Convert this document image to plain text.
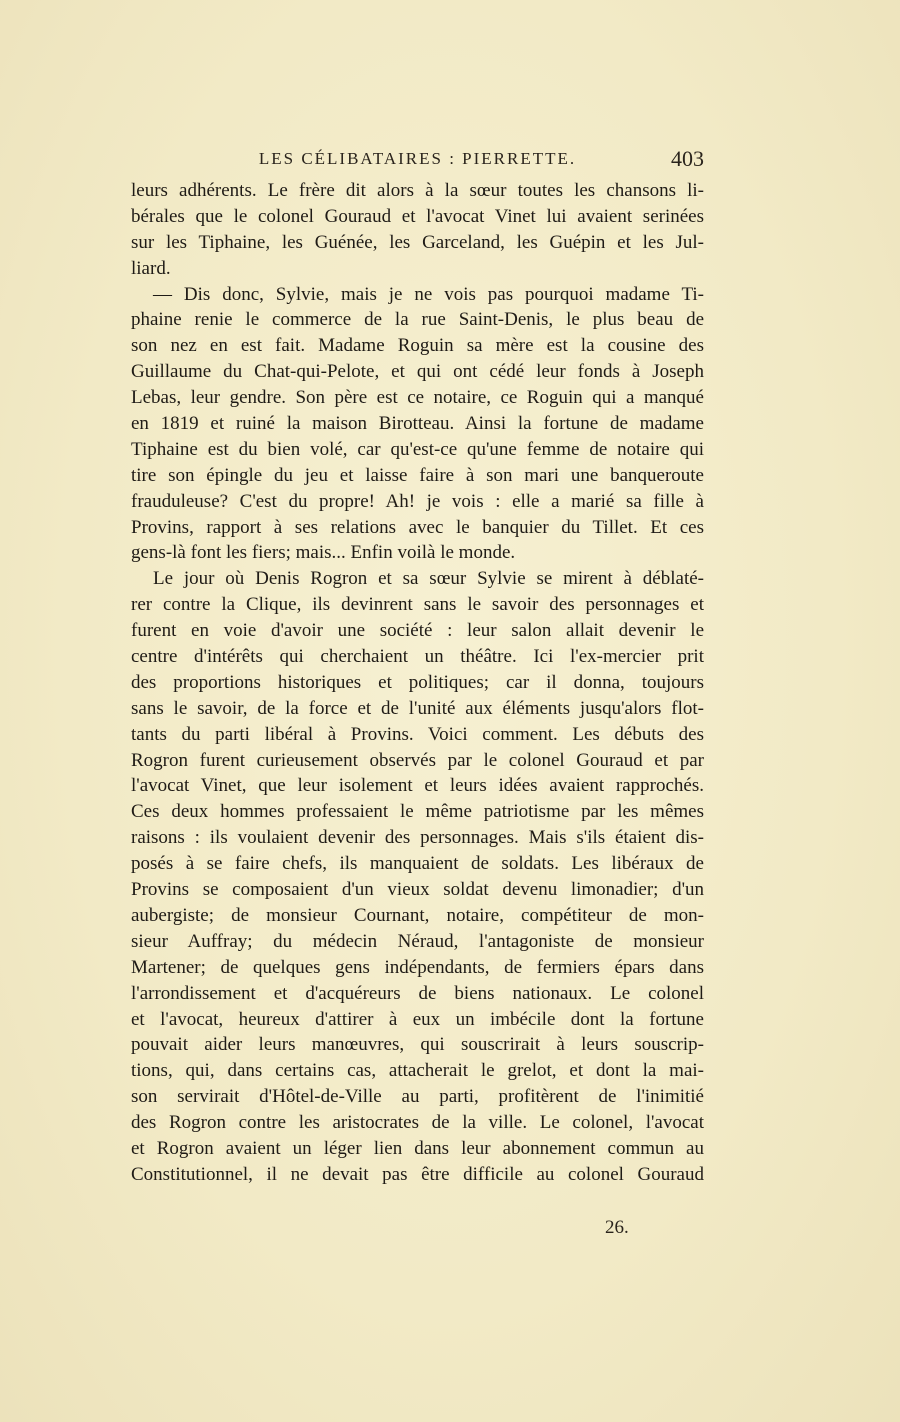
LES CÉLIBATAIRES : PIERRETTE.	403
leurs adhérents. Le frère dit alors à la sœur toutes les chansons li-
bérales que le colonel Gouraud et l'avocat Vinet lui avaient serinées
sur les Tiphaine, les Guénée, les Garceland, les Guépin et les Jul-
liard.
— Dis donc, Sylvie, mais je ne vois pas pourquoi madame Ti-
phaine renie le commerce de la rue Saint-Denis, le plus beau de
son nez en est fait. Madame Roguin sa mère est la cousine des
Guillaume du Chat-qui-Pelote, et qui ont cédé leur fonds à Joseph
Lebas, leur gendre. Son père est ce notaire, ce Roguin qui a manqué
en 1819 et ruiné la maison Birotteau. Ainsi la fortune de madame
Tiphaine est du bien volé, car qu'est-ce qu'une femme de notaire qui
tire son épingle du jeu et laisse faire à son mari une banqueroute
frauduleuse? C'est du propre! Ah! je vois : elle a marié sa fille à
Provins, rapport à ses relations avec le banquier du Tillet. Et ces
gens-là font les fiers; mais... Enfin voilà le monde.
Le jour où Denis Rogron et sa sœur Sylvie se mirent à déblaté-
rer contre la Clique, ils devinrent sans le savoir des personnages et
furent en voie d'avoir une société : leur salon allait devenir le
centre d'intérêts qui cherchaient un théâtre. Ici l'ex-mercier prit
des proportions historiques et politiques; car il donna, toujours
sans le savoir, de la force et de l'unité aux éléments jusqu'alors flot-
tants du parti libéral à Provins. Voici comment. Les débuts des
Rogron furent curieusement observés par le colonel Gouraud et par
l'avocat Vinet, que leur isolement et leurs idées avaient rapprochés.
Ces deux hommes professaient le même patriotisme par les mêmes
raisons : ils voulaient devenir des personnages. Mais s'ils étaient dis-
posés à se faire chefs, ils manquaient de soldats. Les libéraux de
Provins se composaient d'un vieux soldat devenu limonadier; d'un
aubergiste; de monsieur Cournant, notaire, compétiteur de mon-
sieur Auffray; du médecin Néraud, l'antagoniste de monsieur
Martener; de quelques gens indépendants, de fermiers épars dans
l'arrondissement et d'acquéreurs de biens nationaux. Le colonel
et l'avocat, heureux d'attirer à eux un imbécile dont la fortune
pouvait aider leurs manœuvres, qui souscrirait à leurs souscrip-
tions, qui, dans certains cas, attacherait le grelot, et dont la mai-
son servirait d'Hôtel-de-Ville au parti, profitèrent de l'inimitié
des Rogron contre les aristocrates de la ville. Le colonel, l'avocat
et Rogron avaient un léger lien dans leur abonnement commun au
Constitutionnel, il ne devait pas être difficile au colonel Gouraud
26.
